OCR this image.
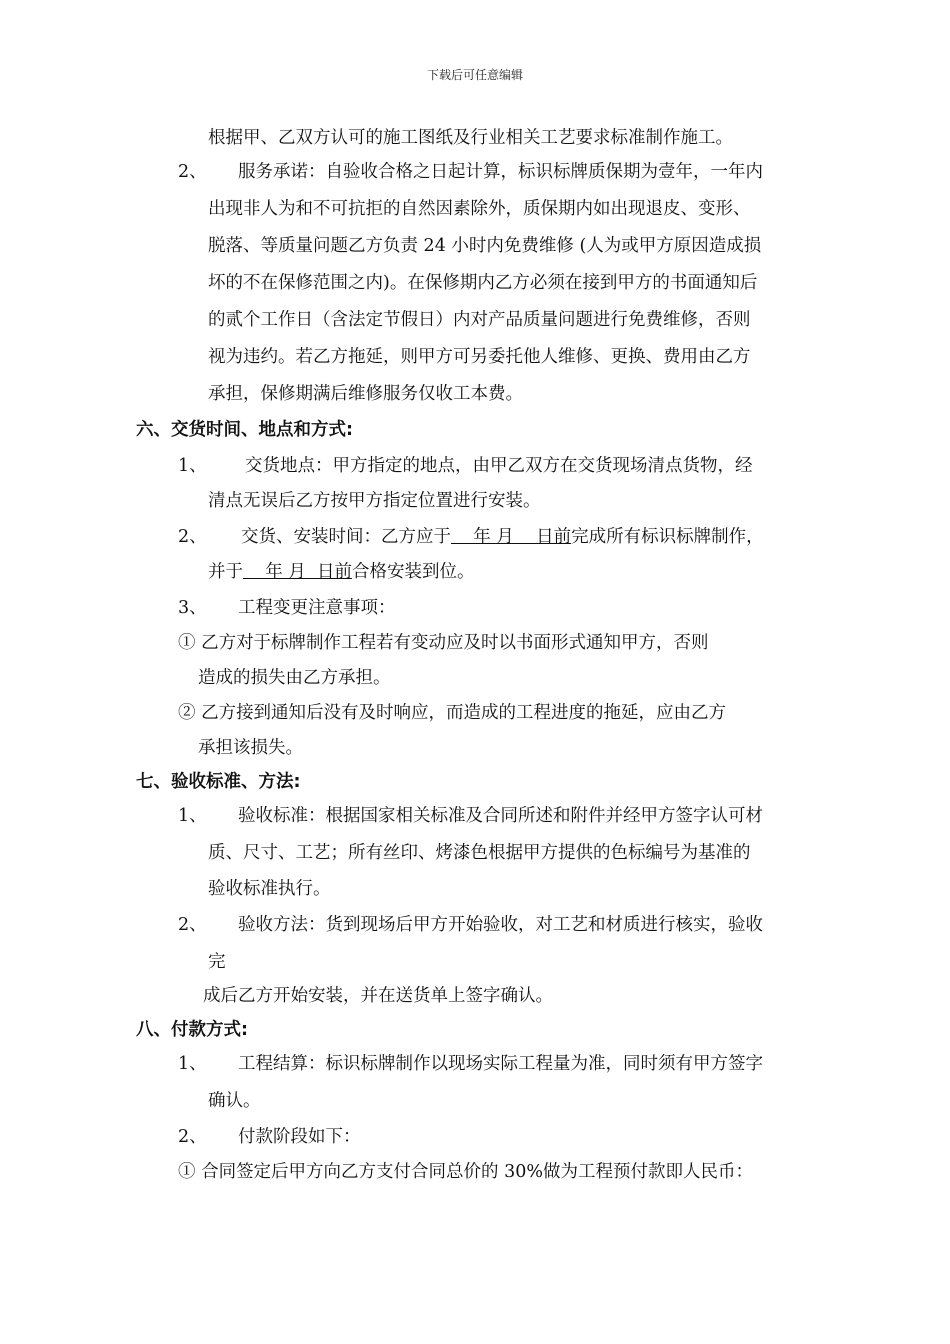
下载后可任意编辑
根据甲、乙双方认可的施工图纸及行业相关工艺要求标准制作施工。
2、 服务承诺：自验收合格之日起计算，标识标牌质保期为壹年，一年内
出现非人为和不可抗拒的自然因素除外，质保期内如出现退皮、变形、
脱落、等质量问题乙方负责 24 小时内免费维修 (人为或甲方原因造成损
坏的不在保修范围之内)。在保修期内乙方必须在接到甲方的书面通知后
的贰个工作日（含法定节假日）内对产品质量问题进行免费维修，否则
视为违约。若乙方拖延，则甲方可另委托他人维修、更换、费用由乙方
承担，保修期满后维修服务仅收工本费。
六、交货时间、地点和方式:
1、 交货地点：甲方指定的地点，由甲乙双方在交货现场清点货物，经
清点无误后乙方按甲方指定位置进行安装。
2、 交货、安装时间：乙方应于    年 月    日前完成所有标识标牌制作，
并于    年 月  日前合格安装到位。
3、 工程变更注意事项：
① 乙方对于标牌制作工程若有变动应及时以书面形式通知甲方，否则
造成的损失由乙方承担。
② 乙方接到通知后没有及时响应，而造成的工程进度的拖延，应由乙方
承担该损失。
七、验收标准、方法:
1、 验收标准：根据国家相关标准及合同所述和附件并经甲方签字认可材
质、尺寸、工艺；所有丝印、烤漆色根据甲方提供的色标编号为基准的
验收标准执行。
2、 验收方法：货到现场后甲方开始验收，对工艺和材质进行核实，验收
完
成后乙方开始安装，并在送货单上签字确认。
八、付款方式:
1、 工程结算：标识标牌制作以现场实际工程量为准，同时须有甲方签字
确认。
2、 付款阶段如下：
① 合同签定后甲方向乙方支付合同总价的 30%做为工程预付款即人民币：
